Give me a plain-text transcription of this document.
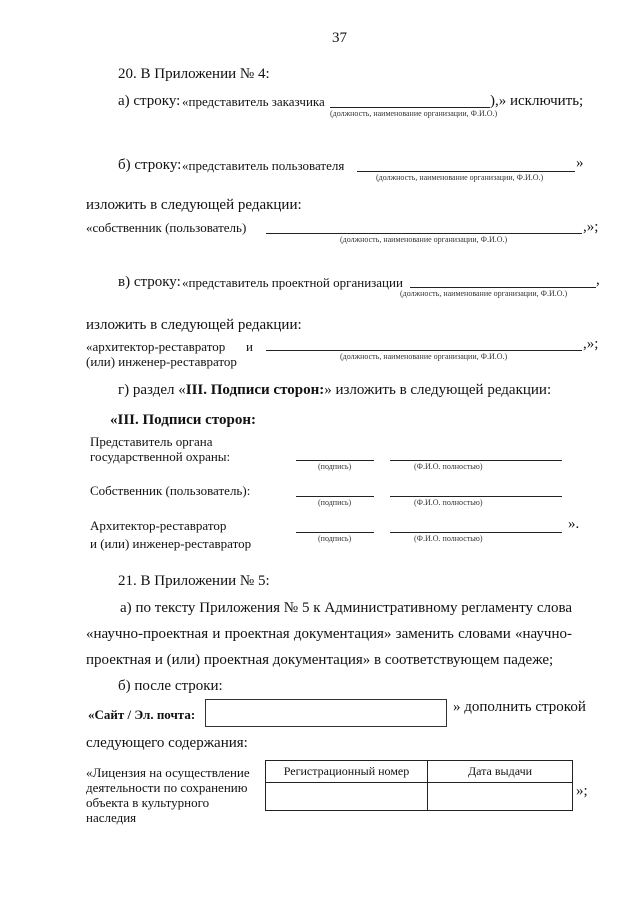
37
20. В Приложении № 4:
а) строку: «представитель заказчика	),» исключить;
(должность, наименование организации, Ф.И.О.)
б) строку: «представитель пользователя	»
(должность, наименование организации, Ф.И.О.)
изложить в следующей редакции:
«собственник (пользователь)	,»;
(должность, наименование организации, Ф.И.О.)
в) строку: «представитель проектной организации	,
(должность, наименование организации, Ф.И.О.)
изложить в следующей редакции:
«архитектор-реставратор и
(или) инженер-реставратор
,»;
(должность, наименование организации, Ф.И.О.)
г) раздел «III. Подписи сторон:» изложить в следующей редакции:
«III. Подписи сторон:
Представитель органа
государственной охраны:
(подпись)	(Ф.И.О. полностью)
Собственник (пользователь):
(подпись)	(Ф.И.О. полностью)
Архитектор-реставратор
и (или) инженер-реставратор	(подпись)	(Ф.И.О. полностью)
».
21. В Приложении № 5:
а) по тексту Приложения № 5 к Административному регламенту слова
«научно-проектная и проектная документация» заменить словами «научно-
проектная и (или) проектная документация» в соответствующем падеже;
б) после строки:
«Сайт / Эл. почта:	» дополнить строкой
следующего содержания:
«Лицензия на осуществление
деятельности по сохранению
объекта в культурного
наследия
Регистрационный номер	Дата выдачи

»;
